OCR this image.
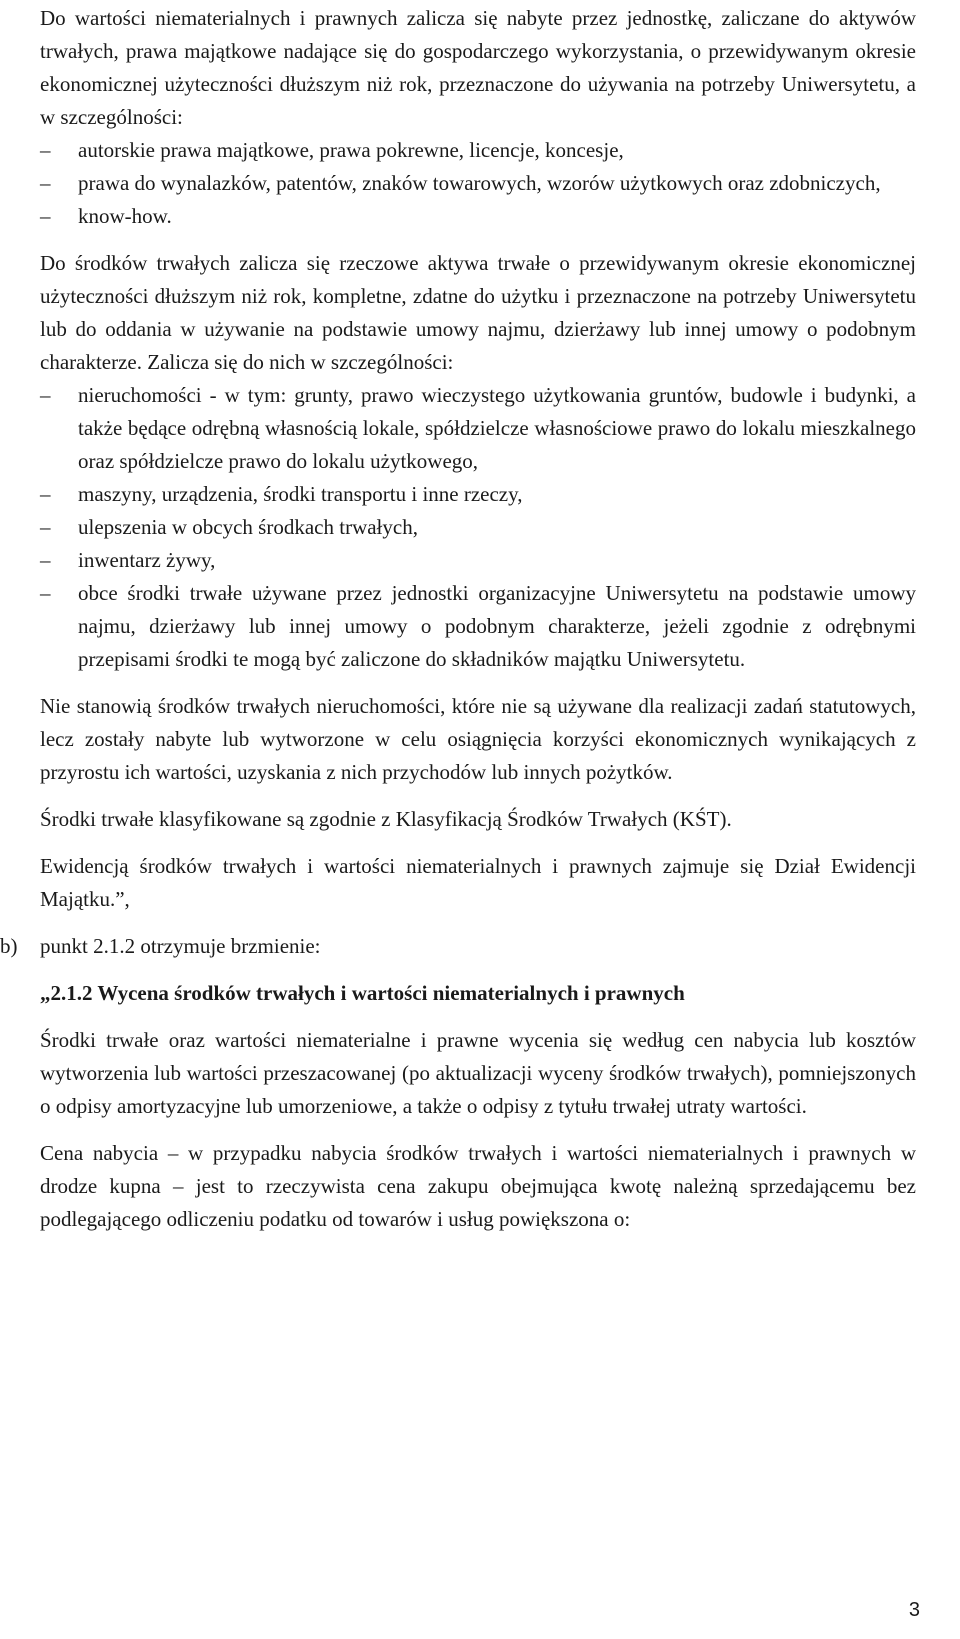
Do wartości niematerialnych i prawnych zalicza się nabyte przez jednostkę, zaliczane do aktywów trwałych, prawa majątkowe nadające się do gospodarczego wykorzystania, o przewidywanym okresie ekonomicznej użyteczności dłuższym niż rok, przeznaczone do używania na potrzeby Uniwersytetu, a w szczególności:

–	autorskie prawa majątkowe, prawa pokrewne, licencje, koncesje,
–	prawa do wynalazków, patentów, znaków towarowych, wzorów użytkowych oraz zdobniczych,
–	know-how.

Do środków trwałych zalicza się rzeczowe aktywa trwałe o przewidywanym okresie ekonomicznej użyteczności dłuższym niż rok, kompletne, zdatne do użytku i przeznaczone na potrzeby Uniwersytetu lub do oddania w używanie na podstawie umowy najmu, dzierżawy lub innej umowy o podobnym charakterze. Zalicza się do nich w szczególności:

–	nieruchomości - w tym: grunty, prawo wieczystego użytkowania gruntów, budowle i budynki, a także będące odrębną własnością lokale, spółdzielcze własnościowe prawo do lokalu mieszkalnego oraz spółdzielcze prawo do lokalu użytkowego,
–	maszyny, urządzenia, środki transportu i inne rzeczy,
–	ulepszenia w obcych środkach trwałych,
–	inwentarz żywy,
–	obce środki trwałe używane przez jednostki organizacyjne Uniwersytetu na podstawie umowy najmu, dzierżawy lub innej umowy o podobnym charakterze, jeżeli zgodnie z odrębnymi przepisami środki te mogą być zaliczone do składników majątku Uniwersytetu.

Nie stanowią środków trwałych nieruchomości, które nie są używane dla realizacji zadań statutowych, lecz zostały nabyte lub wytworzone w celu osiągnięcia korzyści ekonomicznych wynikających z przyrostu ich wartości, uzyskania z nich przychodów lub innych pożytków.

Środki trwałe klasyfikowane są zgodnie z Klasyfikacją Środków Trwałych (KŚT).

Ewidencją środków trwałych i wartości niematerialnych i prawnych zajmuje się Dział Ewidencji Majątku.”,

b) punkt 2.1.2 otrzymuje brzmienie:

„2.1.2 Wycena środków trwałych i wartości niematerialnych i prawnych

Środki trwałe oraz wartości niematerialne i prawne wycenia się według cen nabycia lub kosztów wytworzenia lub wartości przeszacowanej (po aktualizacji wyceny środków trwałych), pomniejszonych o odpisy amortyzacyjne lub umorzeniowe, a także o odpisy z tytułu trwałej utraty wartości.

Cena nabycia – w przypadku nabycia środków trwałych i wartości niematerialnych i prawnych w drodze kupna – jest to rzeczywista cena zakupu obejmująca kwotę należną sprzedającemu bez podlegającego odliczeniu podatku od towarów i usług powiększona o:

3
